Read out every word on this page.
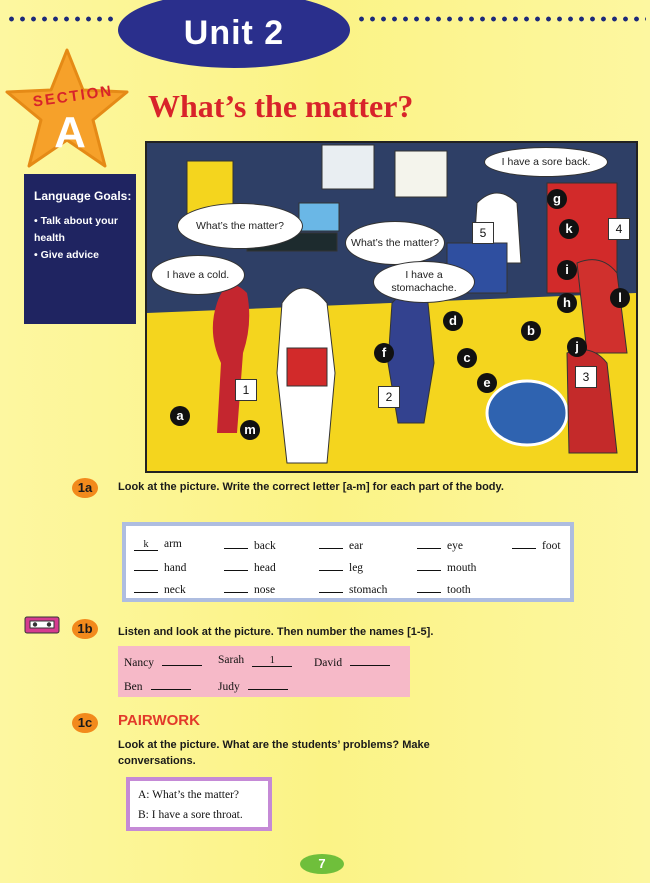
Unit 2
SECTION
A
What’s the matter?
Language Goals:
• Talk about your health
• Give advice
I have a sore back.
What’s the matter?
What’s the matter?
I have a cold.	I have a stomachache.
a
b
c
d
e
f
g
h
i
j
k
l
m
1	2
3
4
5
1a	Look at the picture. Write the correct letter [a-m] for each part of the body.
k arm	back	ear	eye	foot
hand	head	leg	mouth
neck	nose	stomach	tooth
1b	Listen and look at the picture. Then number the names [1-5].
Nancy	Sarah 1	David
Ben	Judy
1c	PAIRWORK
Look at the picture. What are the students’ problems? Make conversations.
A: What’s the matter?
B: I have a sore throat.
7
